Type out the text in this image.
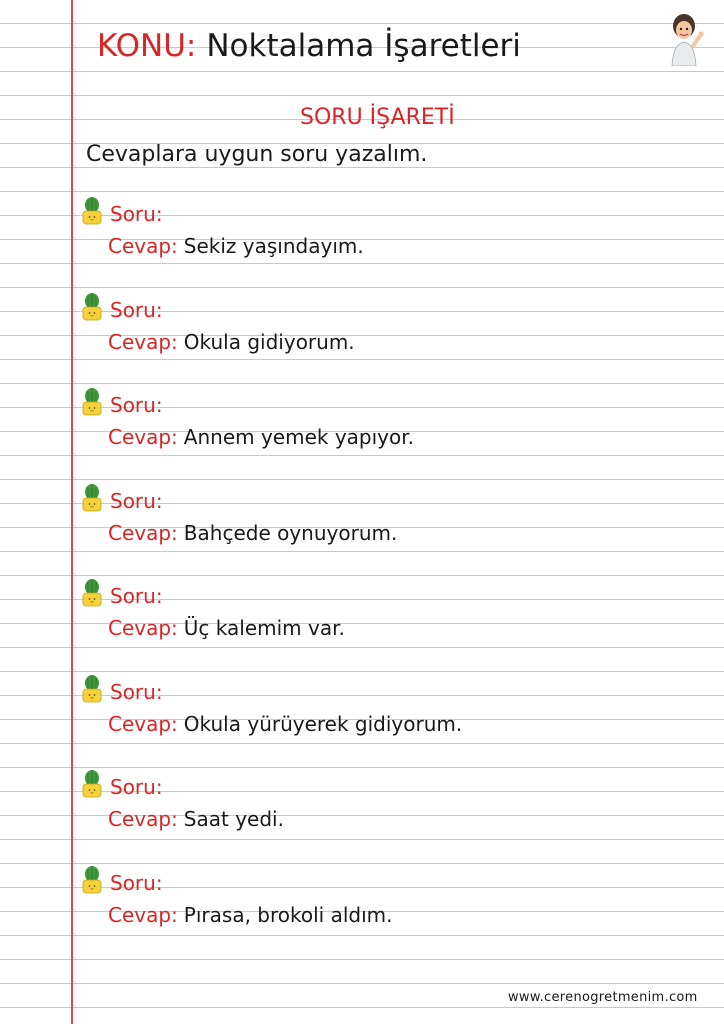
KONU: Noktalama İşaretleri
SORU İŞARETİ
Cevaplara uygun soru yazalım.
Soru:
Cevap: Sekiz yaşındayım.
Soru:
Cevap: Okula gidiyorum.
Soru:
Cevap: Annem yemek yapıyor.
Soru:
Cevap: Bahçede oynuyorum.
Soru:
Cevap: Üç kalemim var.
Soru:
Cevap: Okula yürüyerek gidiyorum.
Soru:
Cevap: Saat yedi.
Soru:
Cevap: Pırasa, brokoli aldım.
www.cerenogretmenim.com
